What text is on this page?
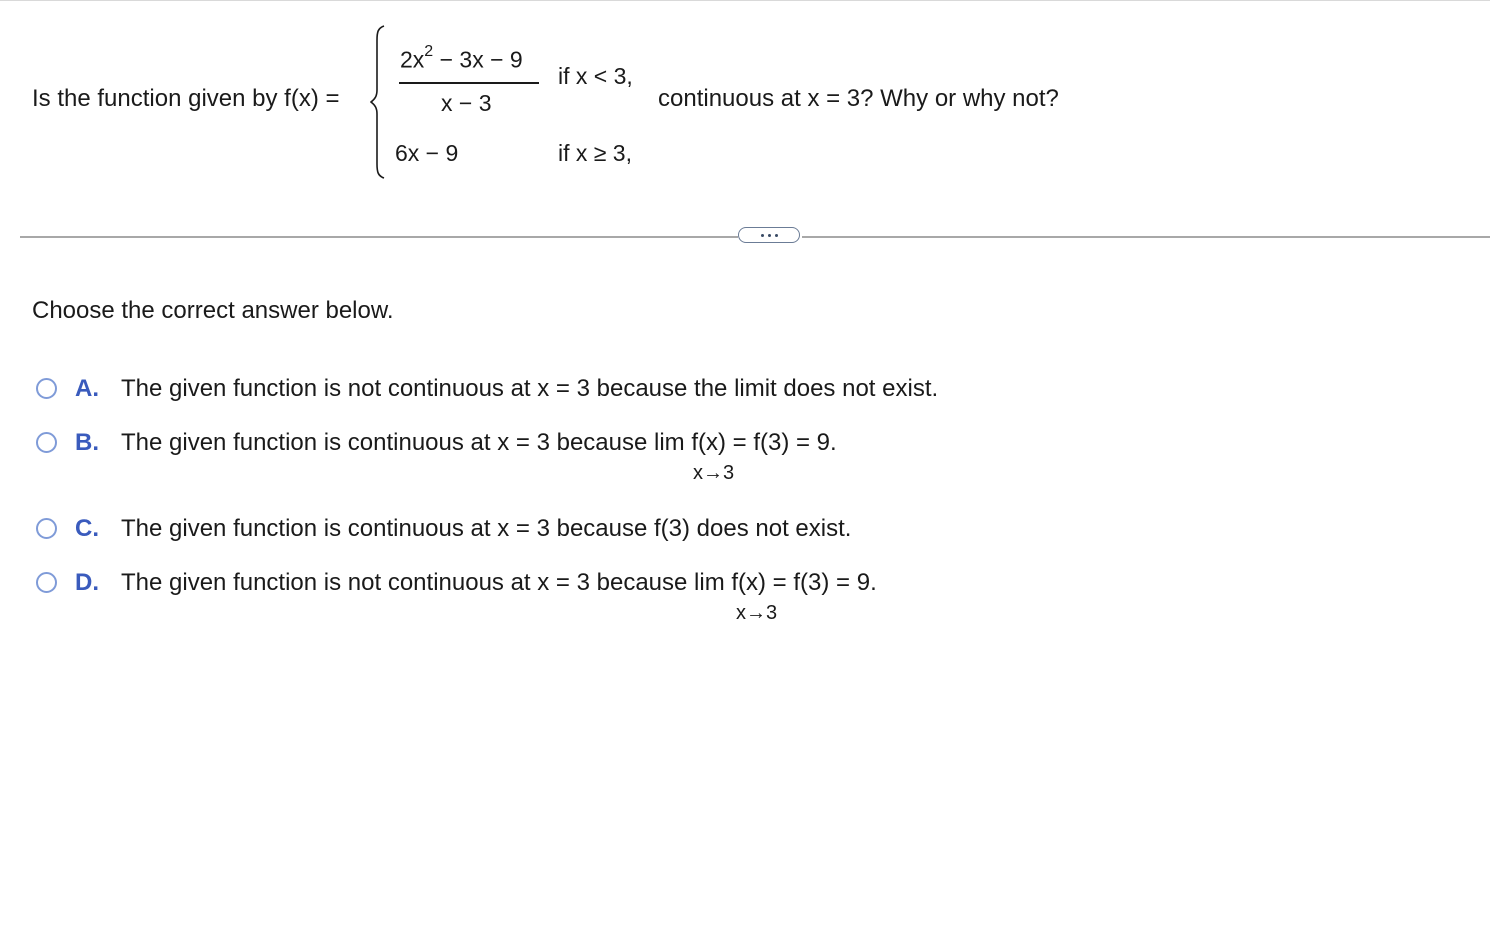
Is the function given by f(x) =
$2x^2 - 3x - 9$
x − 3
if x < 3,
6x − 9	if x ≥ 3,
continuous at x = 3? Why or why not?
Choose the correct answer below.
A. The given function is not continuous at x = 3 because the limit does not exist.
B. The given function is continuous at x = 3 because lim f(x) = f(3) = 9.
x→3
C. The given function is continuous at x = 3 because f(3) does not exist.
D. The given function is not continuous at x = 3 because lim f(x) = f(3) = 9.
x→3
